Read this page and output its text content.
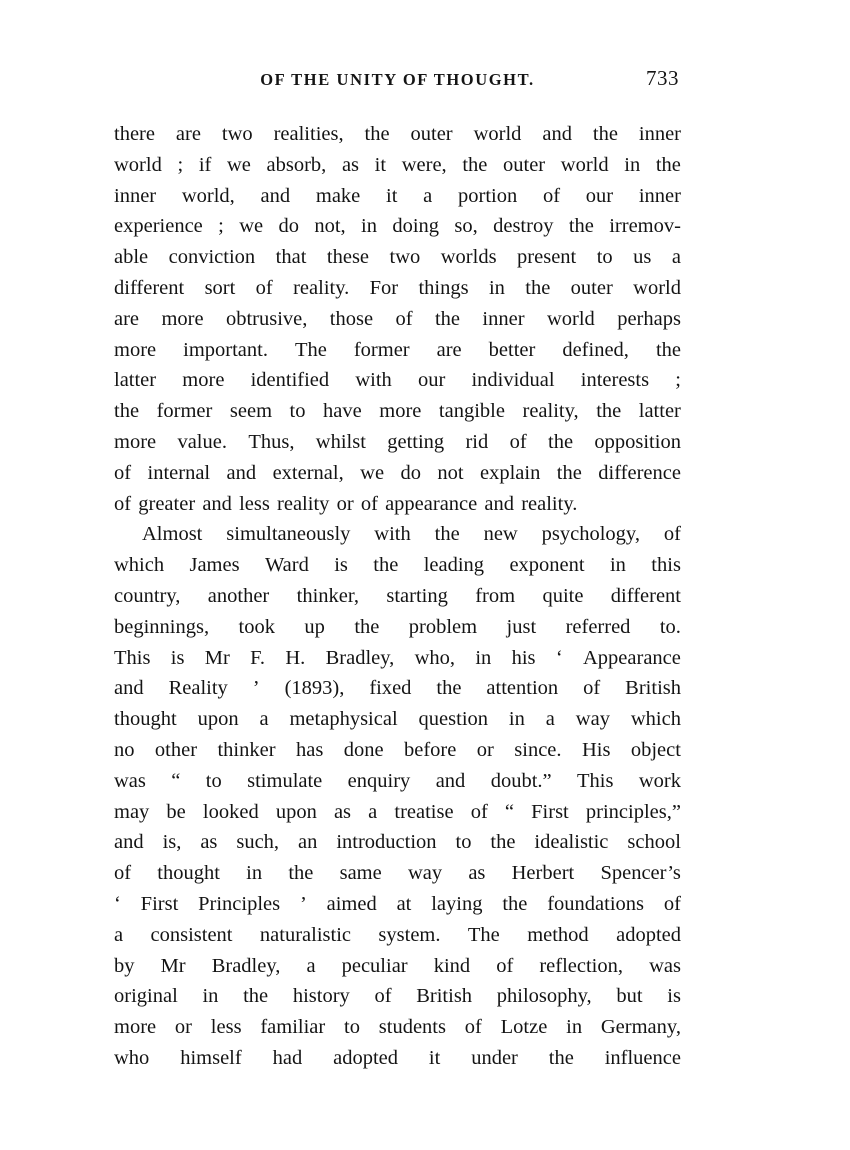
OF THE UNITY OF THOUGHT.	733
there are two realities, the outer world and the inner
world ; if we absorb, as it were, the outer world in the
inner world, and make it a portion of our inner
experience ; we do not, in doing so, destroy the irremov-
able conviction that these two worlds present to us a
different sort of reality. For things in the outer world
are more obtrusive, those of the inner world perhaps
more important. The former are better defined, the
latter more identified with our individual interests ;
the former seem to have more tangible reality, the latter
more value. Thus, whilst getting rid of the opposition
of internal and external, we do not explain the difference
of greater and less reality or of appearance and reality.
Almost simultaneously with the new psychology, of
which James Ward is the leading exponent in this
country, another thinker, starting from quite different
beginnings, took up the problem just referred to.
This is Mr F. H. Bradley, who, in his ‘ Appearance
and Reality ’ (1893), fixed the attention of British
thought upon a metaphysical question in a way which
no other thinker has done before or since. His object
was “ to stimulate enquiry and doubt.” This work
may be looked upon as a treatise of “ First principles,”
and is, as such, an introduction to the idealistic school
of thought in the same way as Herbert Spencer’s
‘ First Principles ’ aimed at laying the foundations of
a consistent naturalistic system. The method adopted
by Mr Bradley, a peculiar kind of reflection, was
original in the history of British philosophy, but is
more or less familiar to students of Lotze in Germany,
who himself had adopted it under the influence
